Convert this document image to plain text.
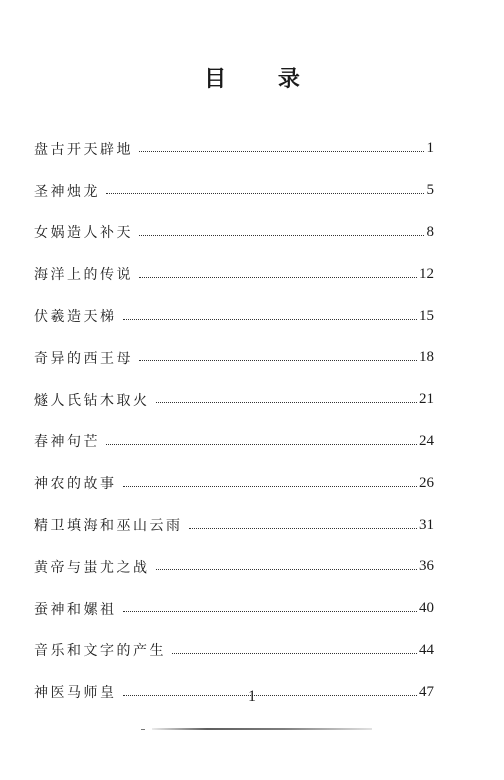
目 录
盘古开天辟地	1
圣神烛龙	5
女娲造人补天	8
海洋上的传说	12
伏羲造天梯	15
奇异的西王母	18
燧人氏钻木取火	21
春神句芒	24
神农的故事	26
精卫填海和巫山云雨	31
黄帝与蚩尤之战	36
蚕神和嫘祖	40
音乐和文字的产生	44
神医马师皇	47
1
